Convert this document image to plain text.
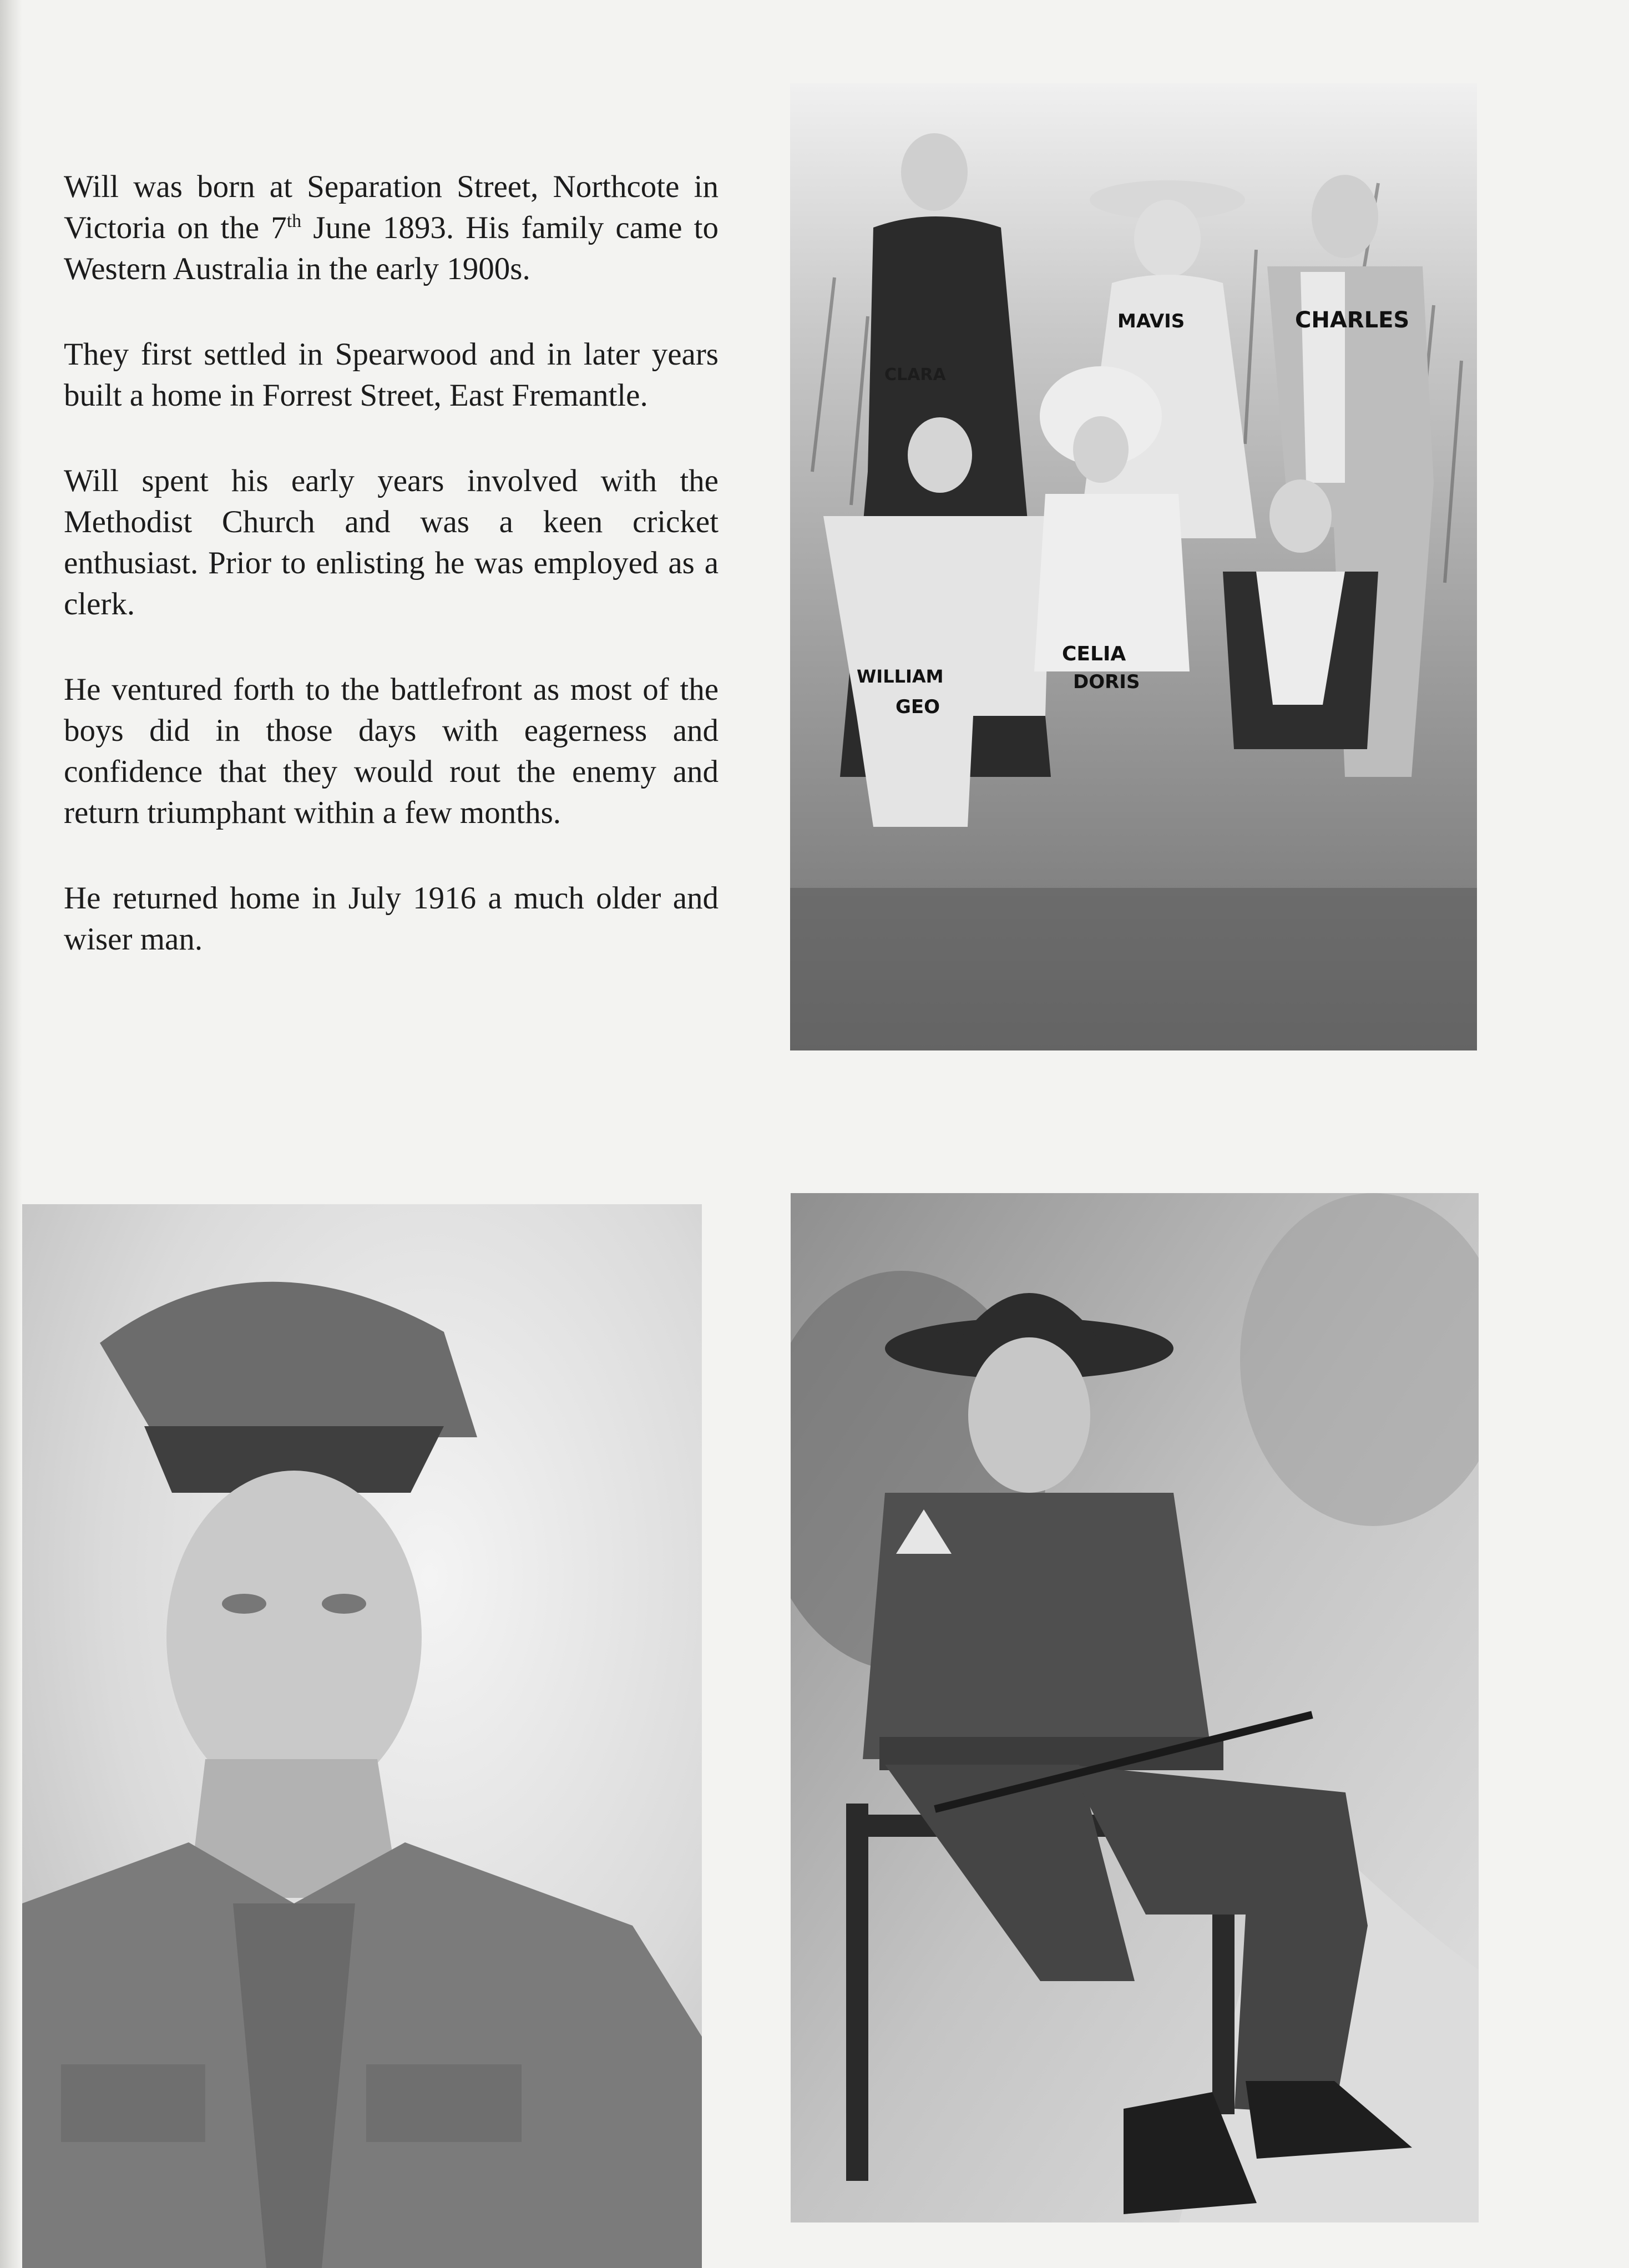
Will was born at Separation Street, Northcote in Victoria on the 7th June 1893. His family came to Western Australia in the early 1900s.

They first settled in Spearwood and in later years built a home in Forrest Street, East Fremantle.

Will spent his early years involved with the Methodist Church and was a keen cricket enthusiast. Prior to enlisting he was employed as a clerk.

He ventured forth to the battlefront as most of the boys did in those days with eagerness and confidence that they would rout the enemy and return triumphant within a few months.

He returned home in July 1916 a much older and wiser man.

CLARA
MAVIS	CHARLES
WILLIAM
GEO
CELIA
DORIS
